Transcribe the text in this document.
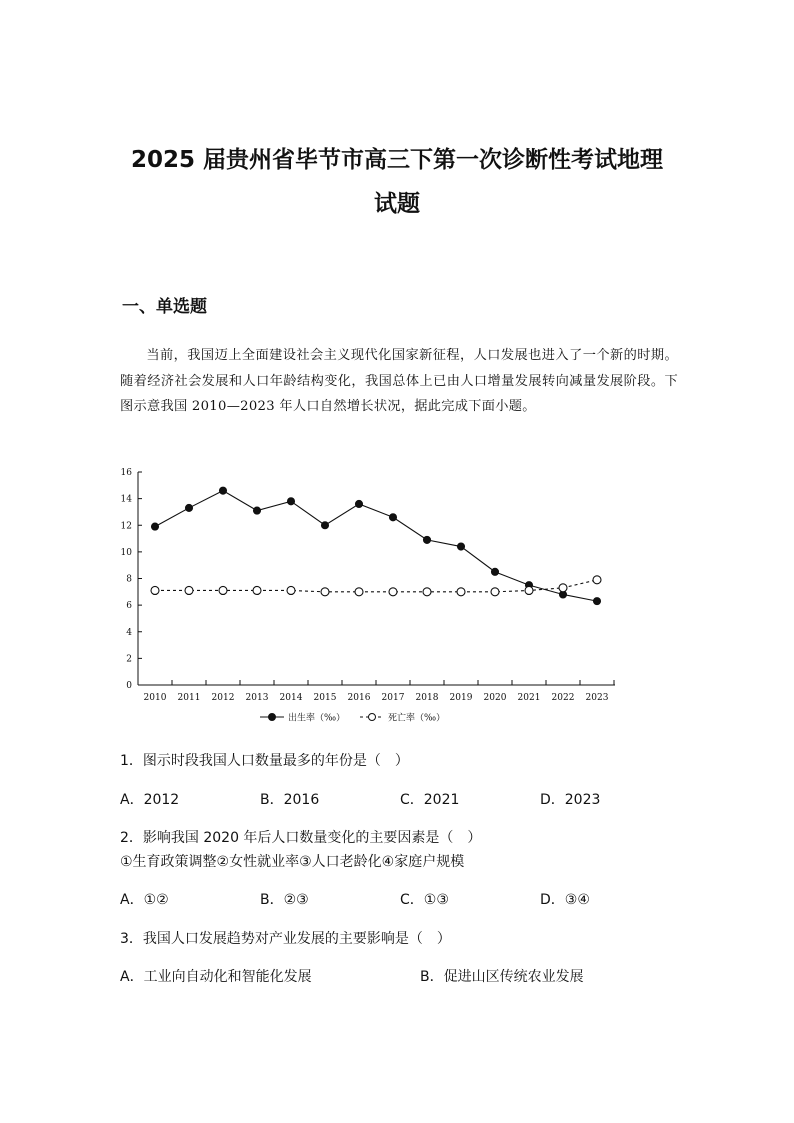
2025 届贵州省毕节市高三下第一次诊断性考试地理
试题
一、单选题
当前，我国迈上全面建设社会主义现代化国家新征程，人口发展也进入了一个新的时期。随着经济社会发展和人口年龄结构变化，我国总体上已由人口增量发展转向减量发展阶段。下图示意我国 2010—2023 年人口自然增长状况，据此完成下面小题。
0
2
4
6
8
10
12
14
16
2010 2011 2012 2013 2014 2015 2016 2017 2018 2019 2020 2021 2022 2023
出生率（‰）	死亡率（‰）
1．图示时段我国人口数量最多的年份是（　）
A．2012	B．2016	C．2021	D．2023
2．影响我国 2020 年后人口数量变化的主要因素是（　）
①生育政策调整②女性就业率③人口老龄化④家庭户规模
A．①②	B．②③	C．①③	D．③④
3．我国人口发展趋势对产业发展的主要影响是（　）
A．工业向自动化和智能化发展	B．促进山区传统农业发展
